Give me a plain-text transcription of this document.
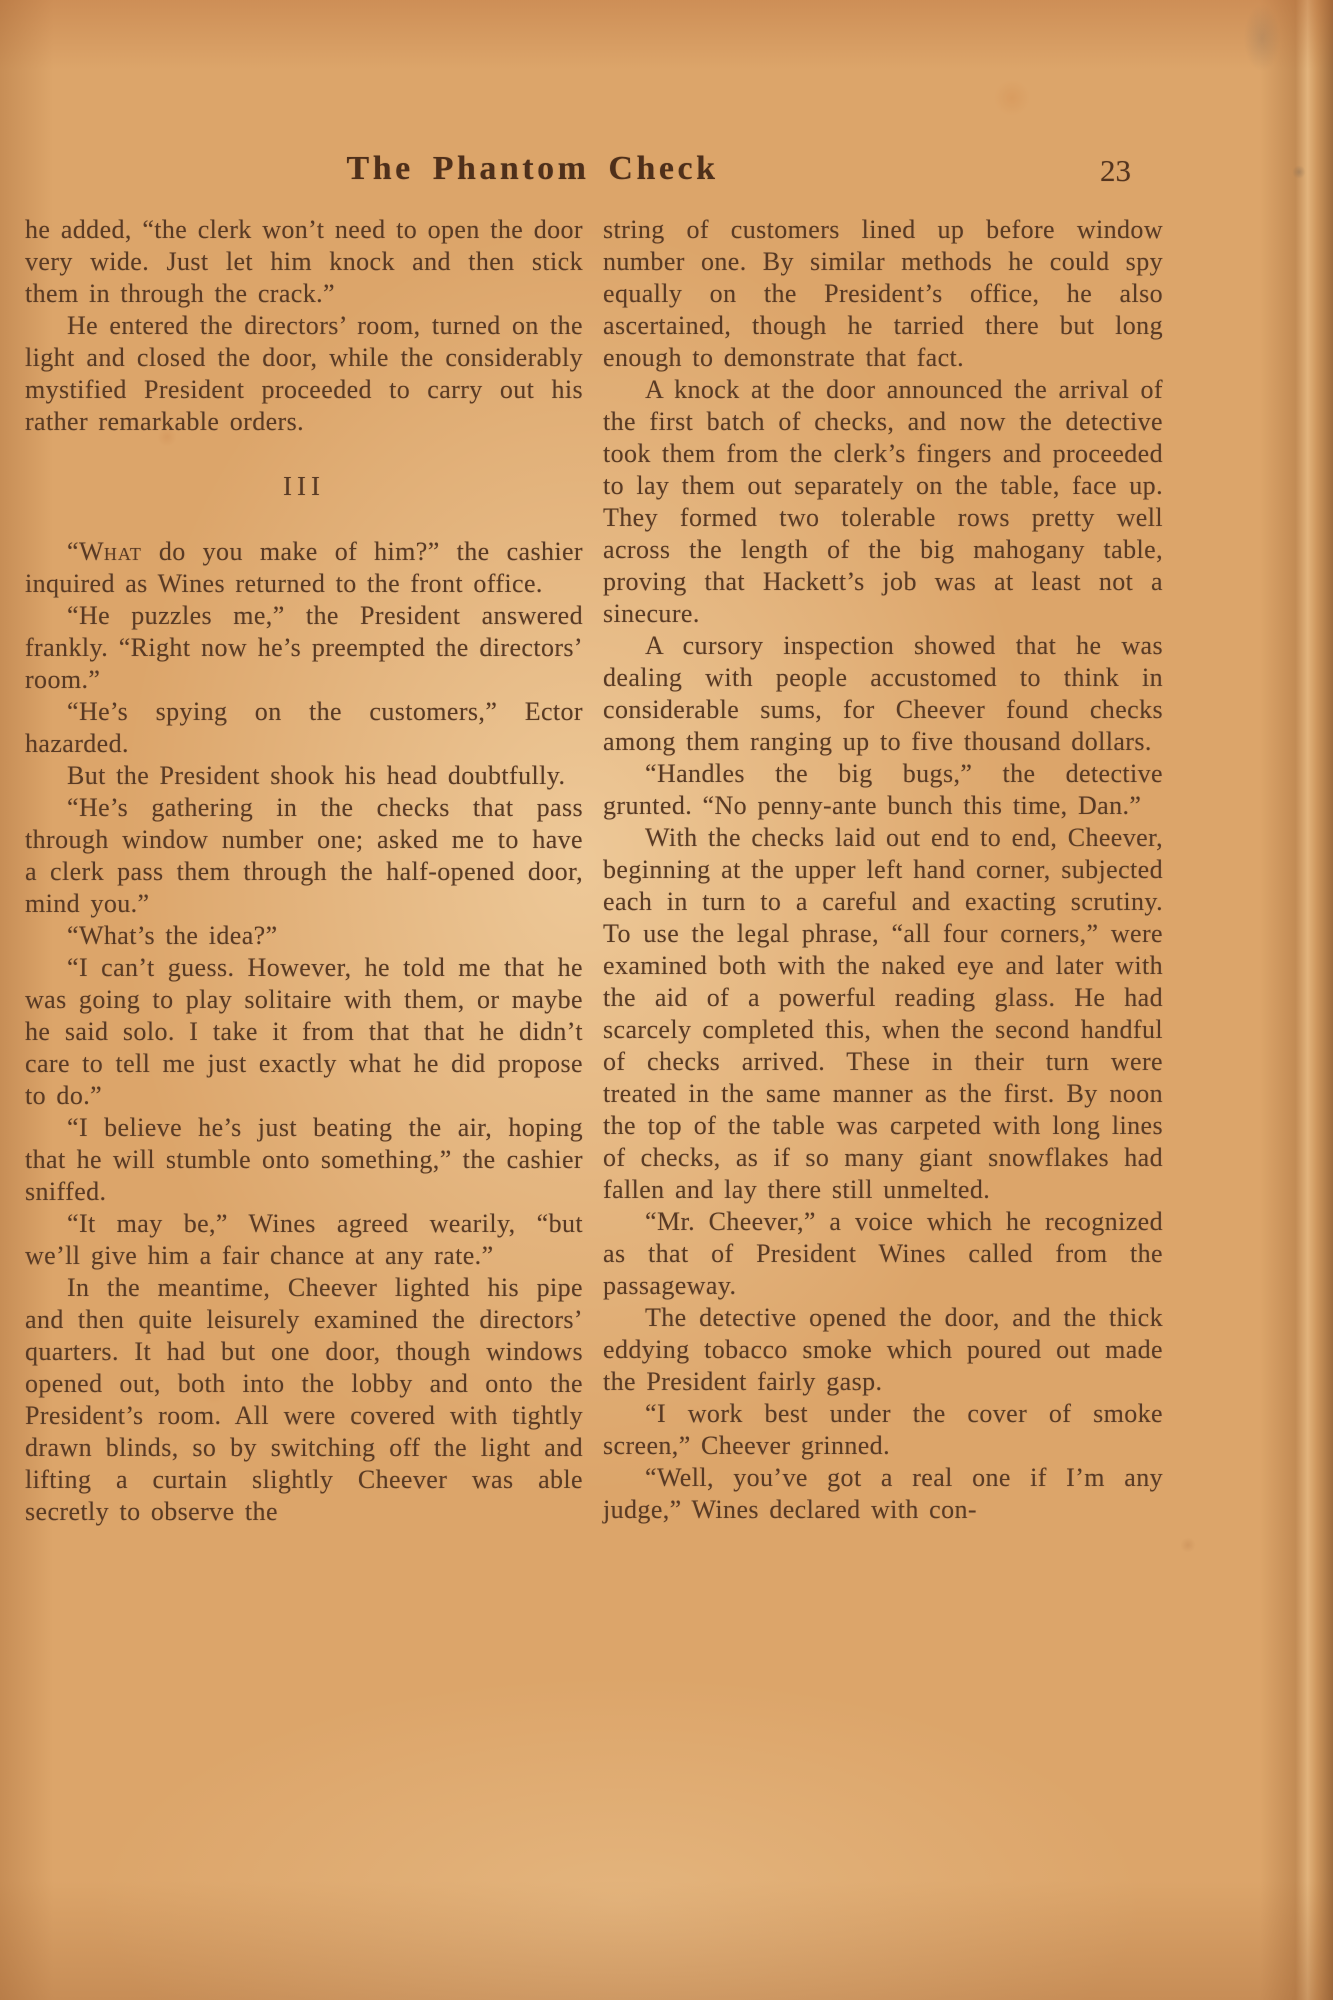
The Phantom Check	23

he added, “the clerk won’t need to open the door very wide. Just let him knock and then stick them in through the crack.”

He entered the directors’ room, turned on the light and closed the door, while the considerably mystified President proceeded to carry out his rather remarkable orders.

III

“What do you make of him?” the cashier inquired as Wines returned to the front office.

“He puzzles me,” the President answered frankly. “Right now he’s preempted the directors’ room.”

“He’s spying on the customers,” Ector hazarded.

But the President shook his head doubtfully.

“He’s gathering in the checks that pass through window number one; asked me to have a clerk pass them through the half-opened door, mind you.”

“What’s the idea?”

“I can’t guess. However, he told me that he was going to play solitaire with them, or maybe he said solo. I take it from that that he didn’t care to tell me just exactly what he did propose to do.”

“I believe he’s just beating the air, hoping that he will stumble onto something,” the cashier sniffed.

“It may be,” Wines agreed wearily, “but we’ll give him a fair chance at any rate.”

In the meantime, Cheever lighted his pipe and then quite leisurely examined the directors’ quarters. It had but one door, though windows opened out, both into the lobby and onto the President’s room. All were covered with tightly drawn blinds, so by switching off the light and lifting a curtain slightly Cheever was able secretly to observe the

string of customers lined up before window number one. By similar methods he could spy equally on the President’s office, he also ascertained, though he tarried there but long enough to demonstrate that fact.

A knock at the door announced the arrival of the first batch of checks, and now the detective took them from the clerk’s fingers and proceeded to lay them out separately on the table, face up. They formed two tolerable rows pretty well across the length of the big mahogany table, proving that Hackett’s job was at least not a sinecure.

A cursory inspection showed that he was dealing with people accustomed to think in considerable sums, for Cheever found checks among them ranging up to five thousand dollars.

“Handles the big bugs,” the detective grunted. “No penny-ante bunch this time, Dan.”

With the checks laid out end to end, Cheever, beginning at the upper left hand corner, subjected each in turn to a careful and exacting scrutiny. To use the legal phrase, “all four corners,” were examined both with the naked eye and later with the aid of a powerful reading glass. He had scarcely completed this, when the second handful of checks arrived. These in their turn were treated in the same manner as the first. By noon the top of the table was carpeted with long lines of checks, as if so many giant snowflakes had fallen and lay there still unmelted.

“Mr. Cheever,” a voice which he recognized as that of President Wines called from the passageway.

The detective opened the door, and the thick eddying tobacco smoke which poured out made the President fairly gasp.

“I work best under the cover of smoke screen,” Cheever grinned.

“Well, you’ve got a real one if I’m any judge,” Wines declared with con-
